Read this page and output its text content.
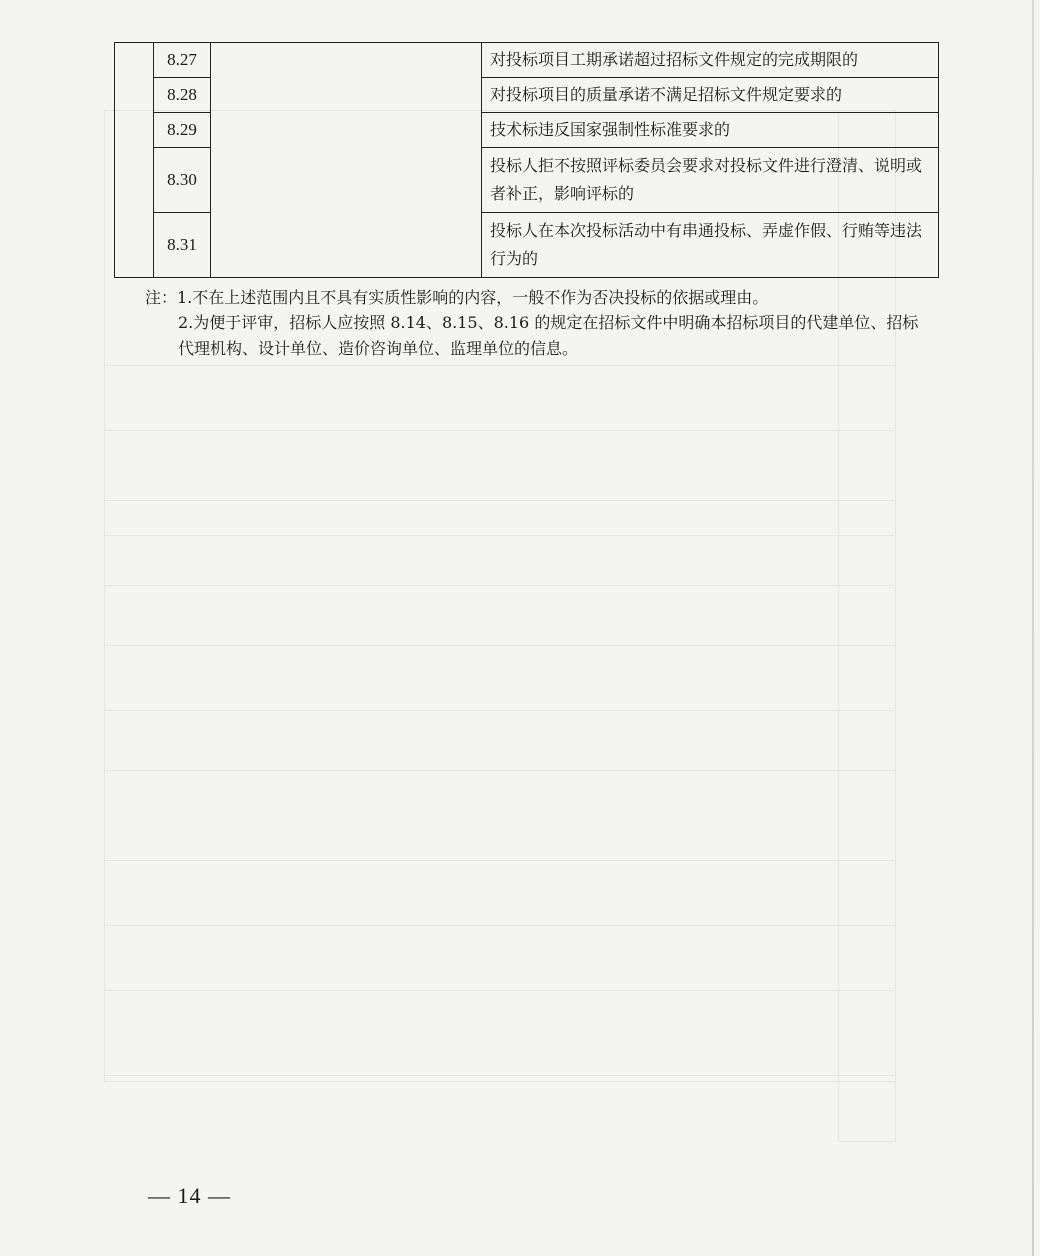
	8.27		对投标项目工期承诺超过招标文件规定的完成期限的
	8.28		对投标项目的质量承诺不满足招标文件规定要求的
	8.29		技术标违反国家强制性标准要求的
	8.30		投标人拒不按照评标委员会要求对投标文件进行澄清、说明或者补正，影响评标的
	8.31		投标人在本次投标活动中有串通投标、弄虚作假、行贿等违法行为的
注：1.不在上述范围内且不具有实质性影响的内容，一般不作为否决投标的依据或理由。
2.为便于评审，招标人应按照 8.14、8.15、8.16 的规定在招标文件中明确本招标项目的代建单位、招标代理机构、设计单位、造价咨询单位、监理单位的信息。
— 14 —
